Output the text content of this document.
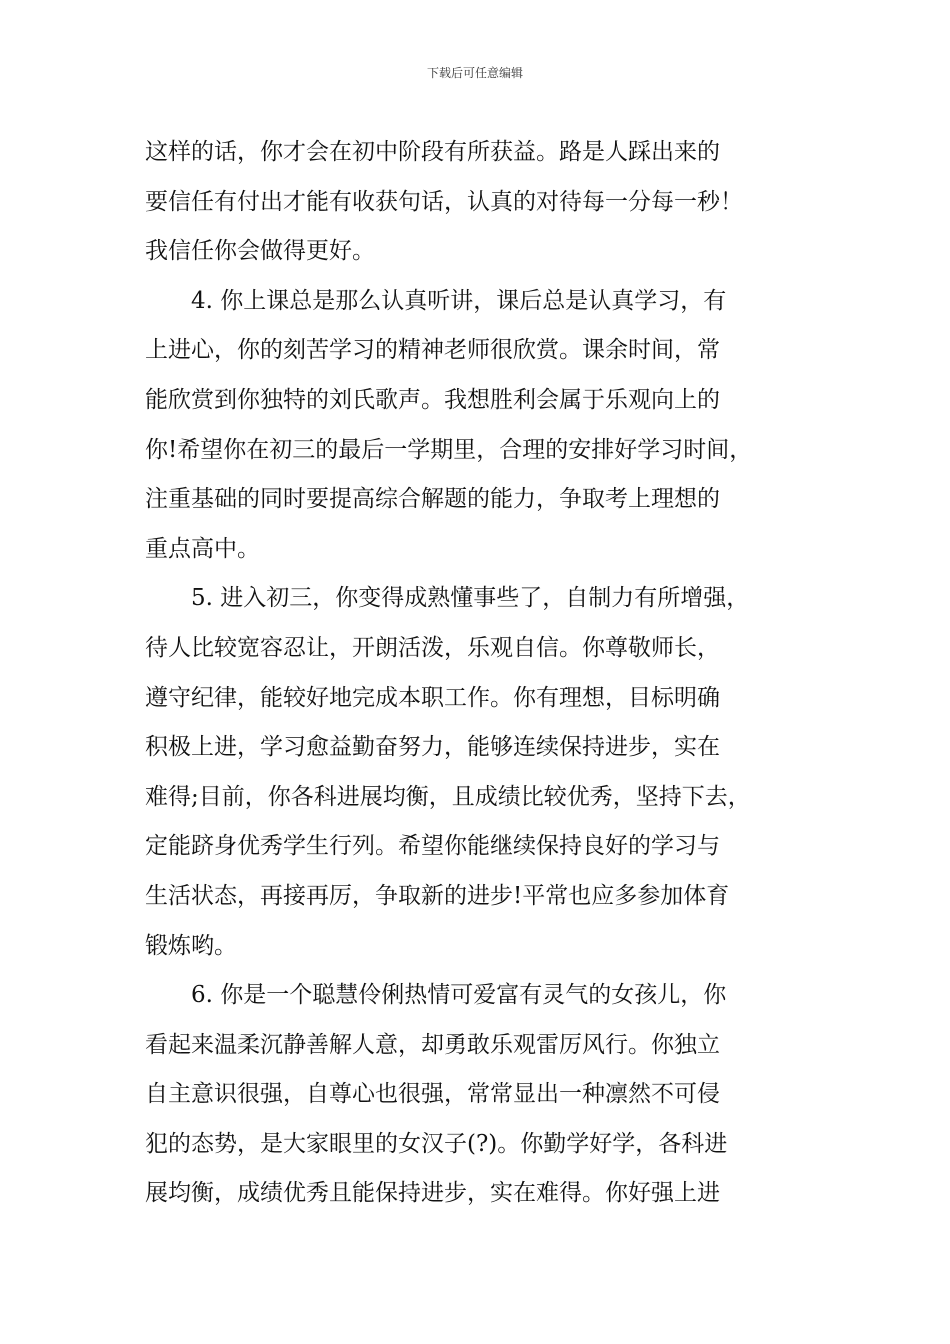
下载后可任意编辑
这样的话，你才会在初中阶段有所获益。路是人踩出来的
要信任有付出才能有收获句话，认真的对待每一分每一秒！
我信任你会做得更好。
4. 你上课总是那么认真听讲，课后总是认真学习，有
上进心，你的刻苦学习的精神老师很欣赏。课余时间，常
能欣赏到你独特的刘氏歌声。我想胜利会属于乐观向上的
你!希望你在初三的最后一学期里，合理的安排好学习时间，
注重基础的同时要提高综合解题的能力，争取考上理想的
重点高中。
5. 进入初三，你变得成熟懂事些了，自制力有所增强，
待人比较宽容忍让，开朗活泼，乐观自信。你尊敬师长，
遵守纪律，能较好地完成本职工作。你有理想，目标明确
积极上进，学习愈益勤奋努力，能够连续保持进步，实在
难得;目前，你各科进展均衡，且成绩比较优秀，坚持下去，
定能跻身优秀学生行列。希望你能继续保持良好的学习与
生活状态，再接再厉，争取新的进步!平常也应多参加体育
锻炼哟。
6. 你是一个聪慧伶俐热情可爱富有灵气的女孩儿，你
看起来温柔沉静善解人意，却勇敢乐观雷厉风行。你独立
自主意识很强，自尊心也很强，常常显出一种凛然不可侵
犯的态势，是大家眼里的女汉子(?)。你勤学好学，各科进
展均衡，成绩优秀且能保持进步，实在难得。你好强上进
